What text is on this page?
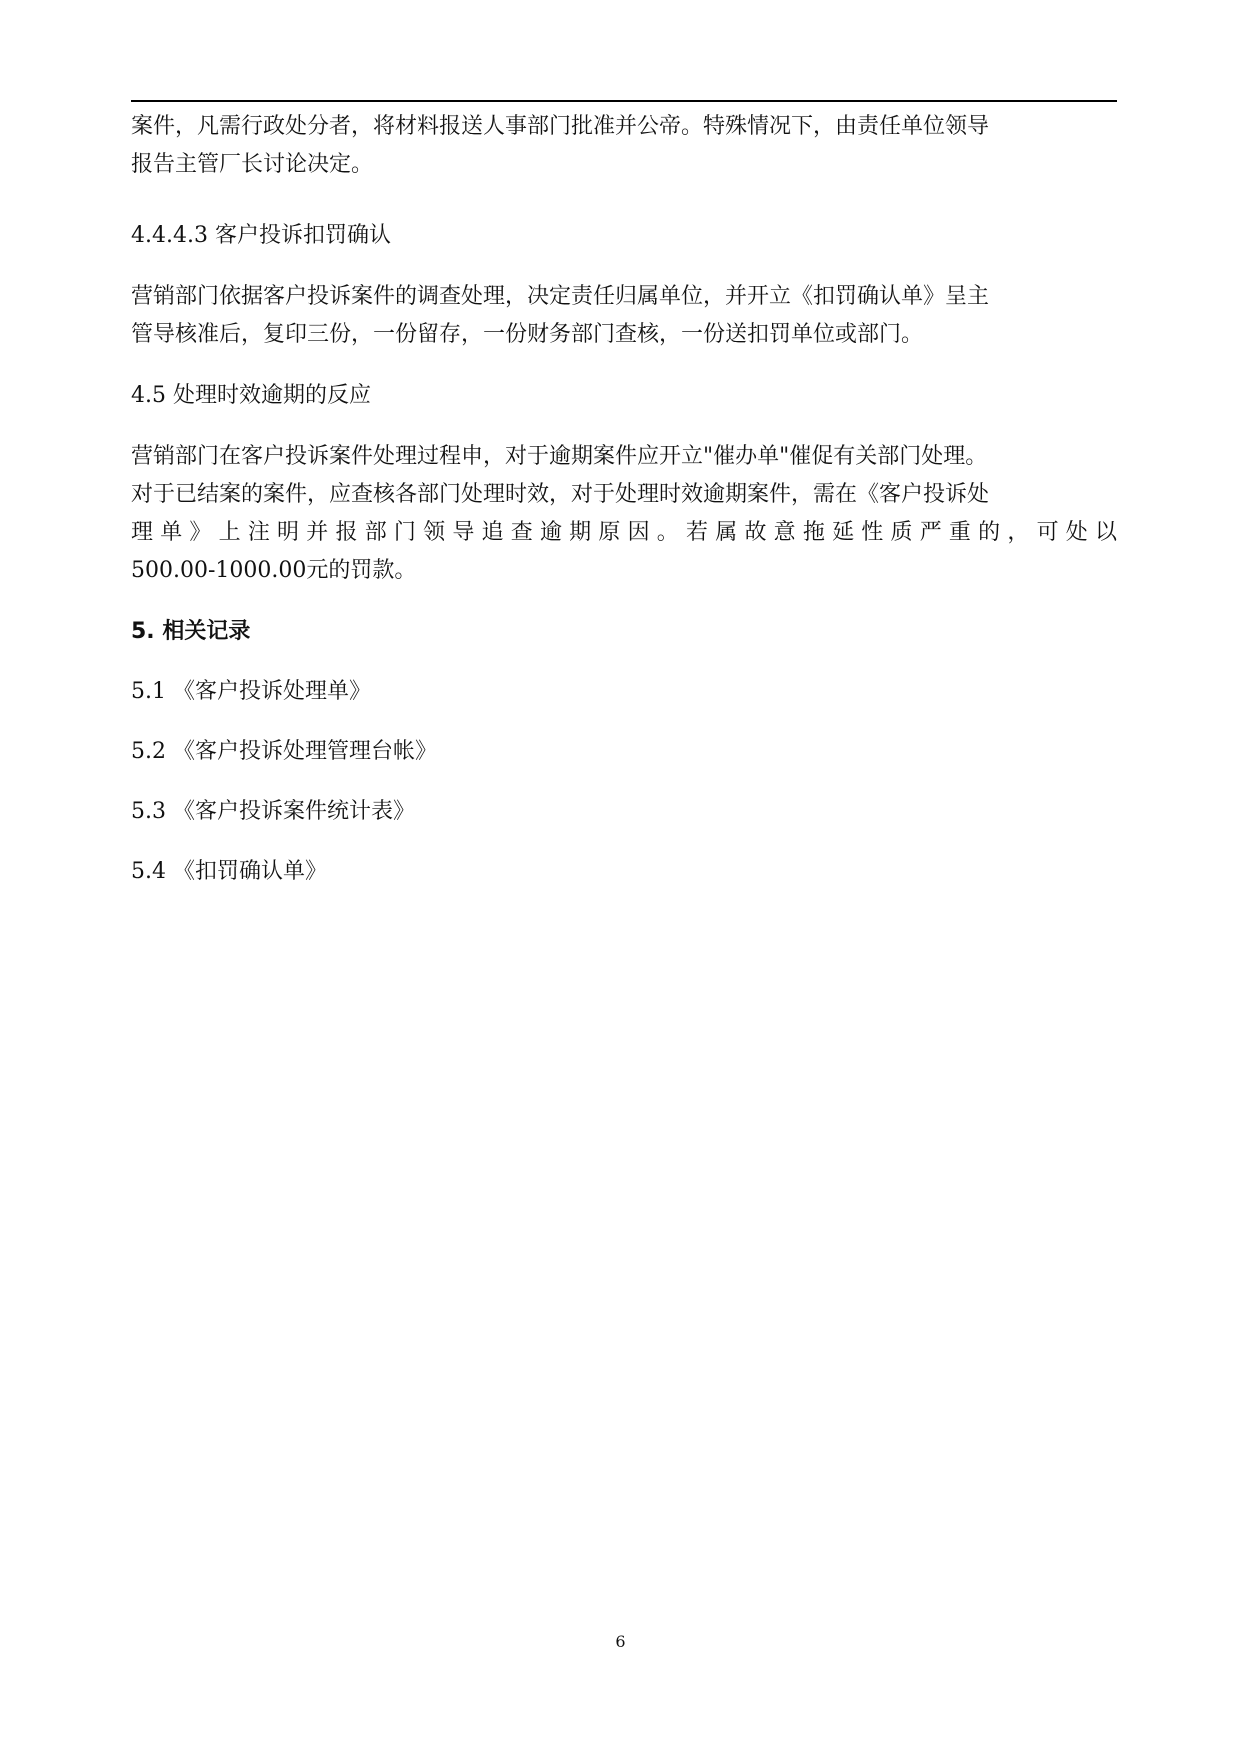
案件，凡需行政处分者，将材料报送人事部门批准并公帝。特殊情况下，由责任单位领导

报告主管厂长讨论决定。

4.4.4.3 客户投诉扣罚确认

营销部门依据客户投诉案件的调查处理，决定责任归属单位，并开立《扣罚确认单》呈主

管导核准后，复印三份，一份留存，一份财务部门查核，一份送扣罚单位或部门。

4.5 处理时效逾期的反应

营销部门在客户投诉案件处理过程申，对于逾期案件应开立"催办单"催促有关部门处理。

对于已结案的案件，应查核各部门处理时效，对于处理时效逾期案件，需在《客户投诉处

理单》上注明并报部门领导追查逾期原因。若属故意拖延性质严重的，可处以

500.00-1000.00元的罚款。

5. 相关记录

5.1 《客户投诉处理单》

5.2 《客户投诉处理管理台帐》

5.3 《客户投诉案件统计表》

5.4 《扣罚确认单》

6
